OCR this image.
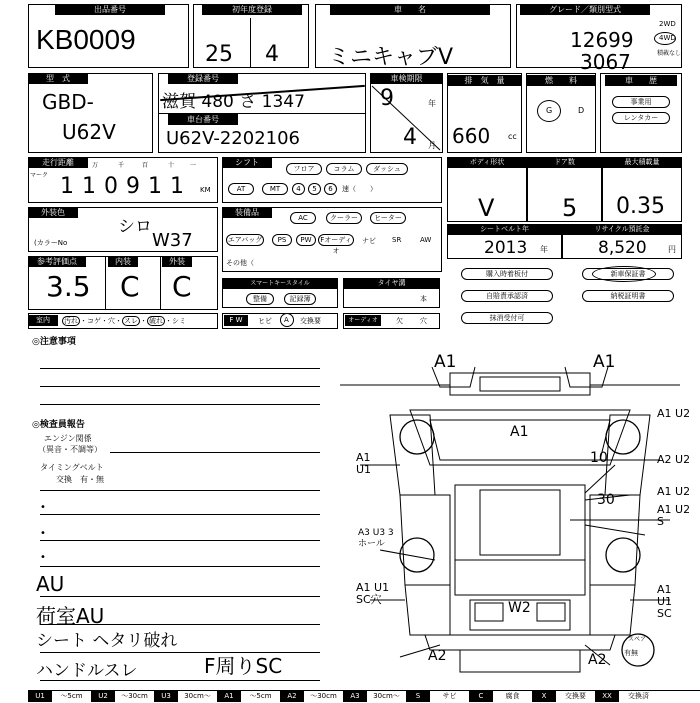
出品番号
KB0009
初年度登録
25 4
車　　名
ミニキャブV
グレード／類別型式
12699
3067
2WD
4WD
積載なし
型　式
GBD-
U62V
登録番号
滋賀 480 さ 1347
車台番号
U62V-2202106
車検期限
9	年
4 月
排　気　量
660 cc
燃　　料
G	D
車　　歴
事業用
レンタカー
走行距離
マーク
万	千	百	十	一
110911 KM
シフト
フロア	コラム	ダッシュ
AT	MT	4	5	6	速（　　）
ボディ形状
V
ドア数
5
最大積載量
0.35
外装色
シロ
(カラーNo	W37
装備品
AC	クーラー	ヒーター
エアバッグ	PS	PW	Fオーディオ
ナビ SR	AW
その他（
シートベルト年
2013 年
リサイクル預託金
8,520	円
参考評価点	内装	外装
3.5 C C	スマートキースタイル
整備	記録簿
タイヤ溝
本
購入時着板付	新車保証書
自賠責承認済	納税証明書
抹消受付可
室内	汚れ ・コゲ・穴・ スレ ・ 破れ ・シミ	F W	ヒビ A 交換要	オーディオ	欠 穴
◎注意事項
◎検査員報告
エンジン関係
（異音・不調等）
タイミングベルト
交換　有・無
•
•
•
AU
荷室AU
シート ヘタリ破れ
ハンドルスレ	F周りSC
A1	A1
A1
A1 U2
A1 U1
10	A2 U2
A1 U2
30
A3 U3 3ホール
A1 U2 S
A1 U1 SC穴
A1 U1 SC
W2
A2	A2
スペア
有無
U1	～5cm	U2	～30cm	U3	30cm～	A1	～5cm	A2	～30cm	A3	30cm～	S	サビ	C	腐食	X	交換要	XX	交換済
